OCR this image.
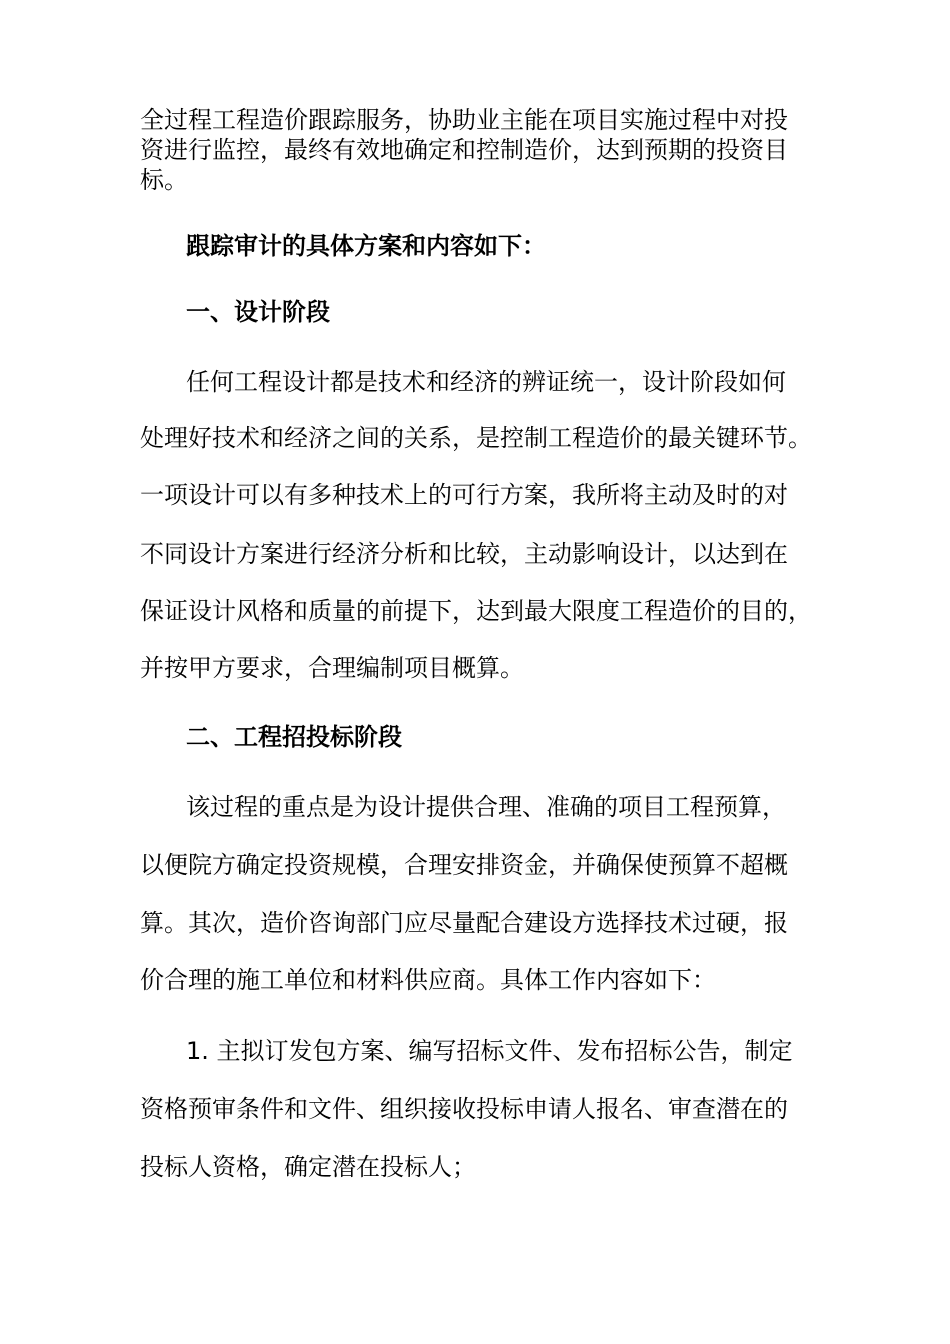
全过程工程造价跟踪服务，协助业主能在项目实施过程中对投
资进行监控，最终有效地确定和控制造价，达到预期的投资目
标。
跟踪审计的具体方案和内容如下：
一、设计阶段
任何工程设计都是技术和经济的辨证统一，设计阶段如何
处理好技术和经济之间的关系，是控制工程造价的最关键环节。
一项设计可以有多种技术上的可行方案，我所将主动及时的对
不同设计方案进行经济分析和比较，主动影响设计，以达到在
保证设计风格和质量的前提下，达到最大限度工程造价的目的，
并按甲方要求，合理编制项目概算。
二、工程招投标阶段
该过程的重点是为设计提供合理、准确的项目工程预算，
以便院方确定投资规模，合理安排资金，并确保使预算不超概
算。其次，造价咨询部门应尽量配合建设方选择技术过硬，报
价合理的施工单位和材料供应商。具体工作内容如下：
1. 主拟订发包方案、编写招标文件、发布招标公告，制定
资格预审条件和文件、组织接收投标申请人报名、审查潜在的
投标人资格，确定潜在投标人；
